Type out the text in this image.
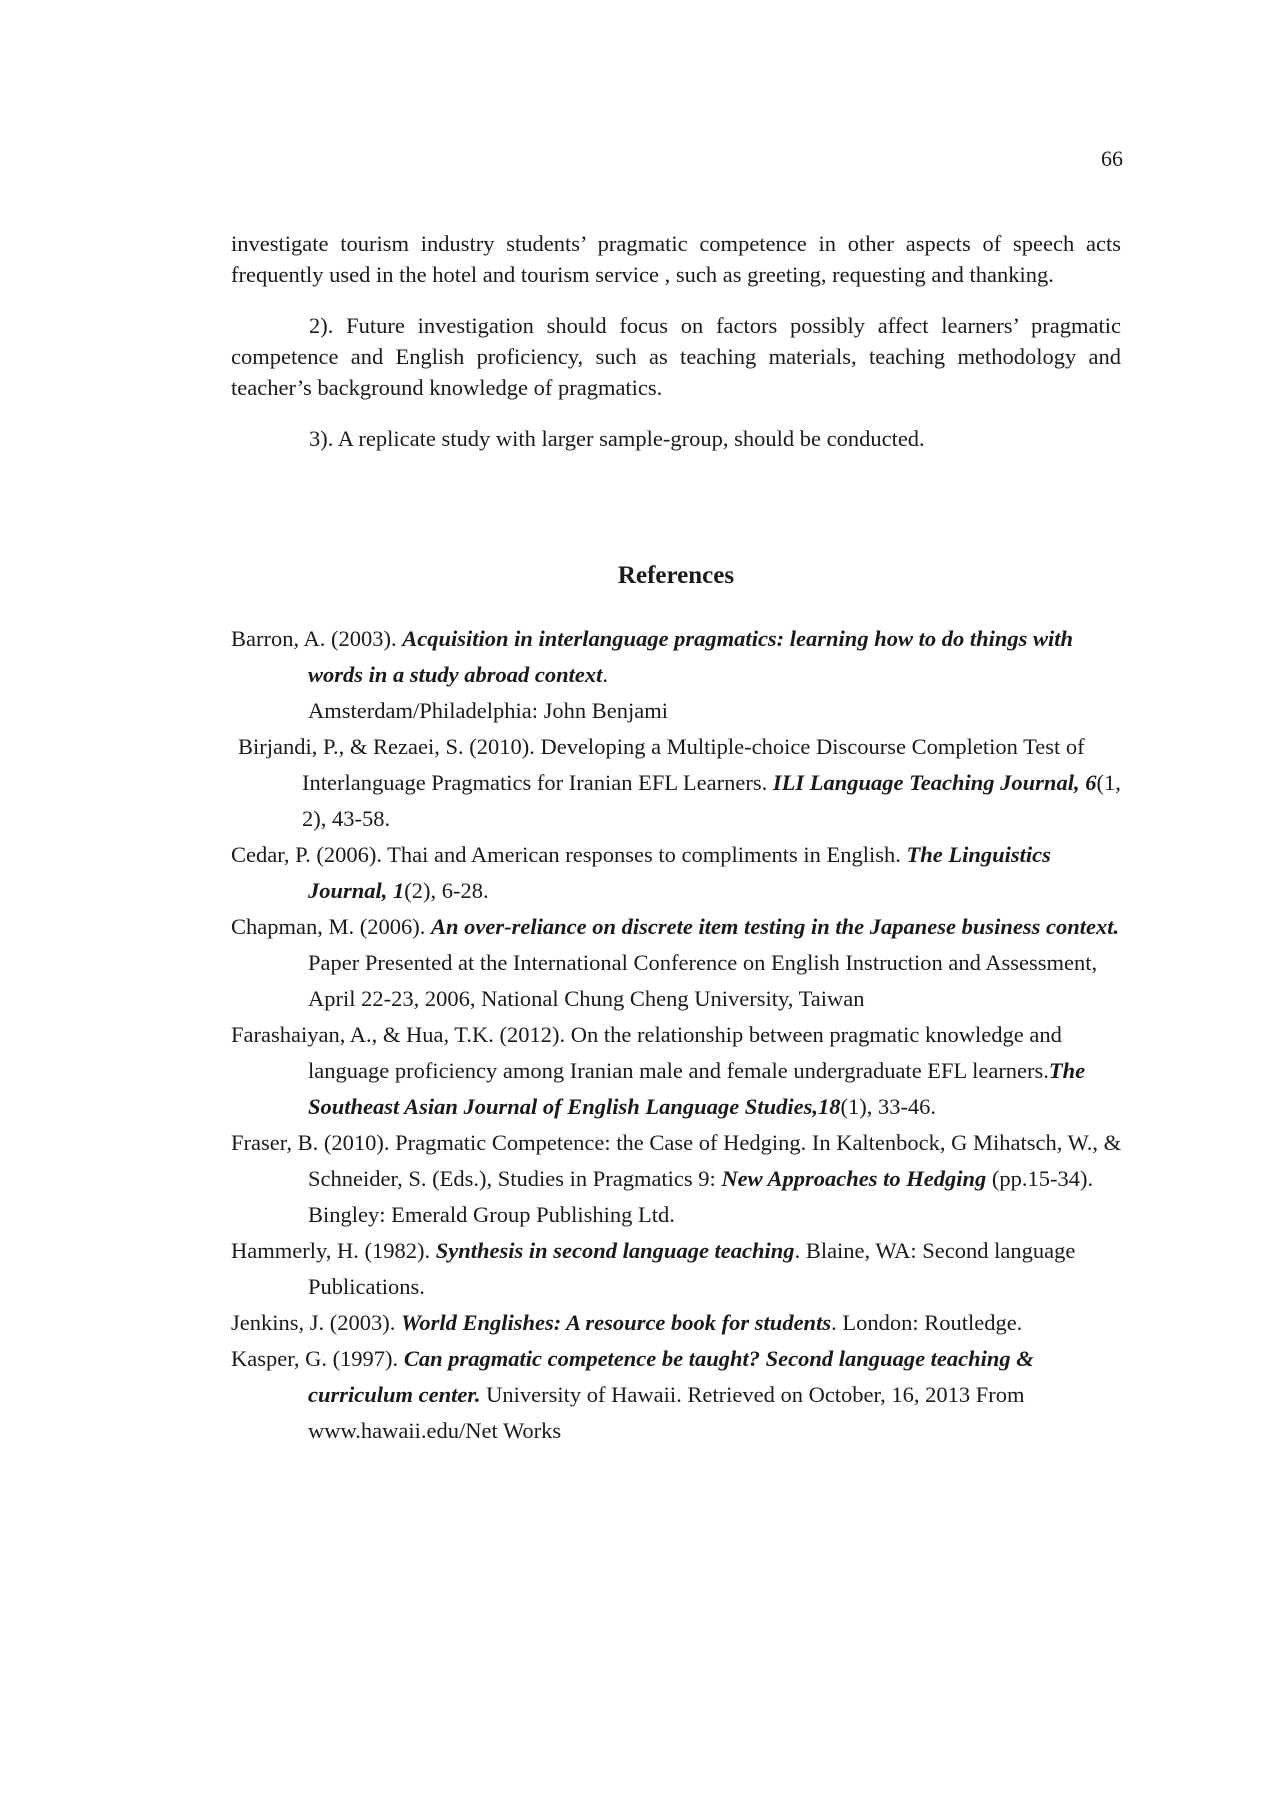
66

investigate tourism industry students’ pragmatic competence in other aspects of speech acts frequently used in the hotel and tourism service , such as greeting, requesting and thanking.

2). Future investigation should focus on factors possibly affect learners’ pragmatic competence and English proficiency, such as teaching materials, teaching methodology and teacher’s background knowledge of pragmatics.

3). A replicate study with larger sample-group, should be conducted.

References

Barron, A. (2003). Acquisition in interlanguage pragmatics: learning how to do things with words in a study abroad context.
Amsterdam/Philadelphia: John Benjami

Birjandi, P., & Rezaei, S. (2010). Developing a Multiple-choice Discourse Completion Test of Interlanguage Pragmatics for Iranian EFL Learners. ILI Language Teaching Journal, 6(1, 2), 43-58.

Cedar, P. (2006). Thai and American responses to compliments in English. The Linguistics Journal, 1(2), 6-28.

Chapman, M. (2006). An over-reliance on discrete item testing in the Japanese business context. Paper Presented at the International Conference on English Instruction and Assessment, April 22-23, 2006, National Chung Cheng University, Taiwan

Farashaiyan, A., & Hua, T.K. (2012). On the relationship between pragmatic knowledge and language proficiency among Iranian male and female undergraduate EFL learners.The Southeast Asian Journal of English Language Studies,18(1), 33-46.

Fraser, B. (2010). Pragmatic Competence: the Case of Hedging. In Kaltenbock, G Mihatsch, W., & Schneider, S. (Eds.), Studies in Pragmatics 9: New Approaches to Hedging (pp.15-34). Bingley: Emerald Group Publishing Ltd.

Hammerly, H. (1982). Synthesis in second language teaching. Blaine, WA: Second language Publications.

Jenkins, J. (2003). World Englishes: A resource book for students. London: Routledge.

Kasper, G. (1997). Can pragmatic competence be taught? Second language teaching & curriculum center. University of Hawaii. Retrieved on October, 16, 2013 From www.hawaii.edu/Net Works
